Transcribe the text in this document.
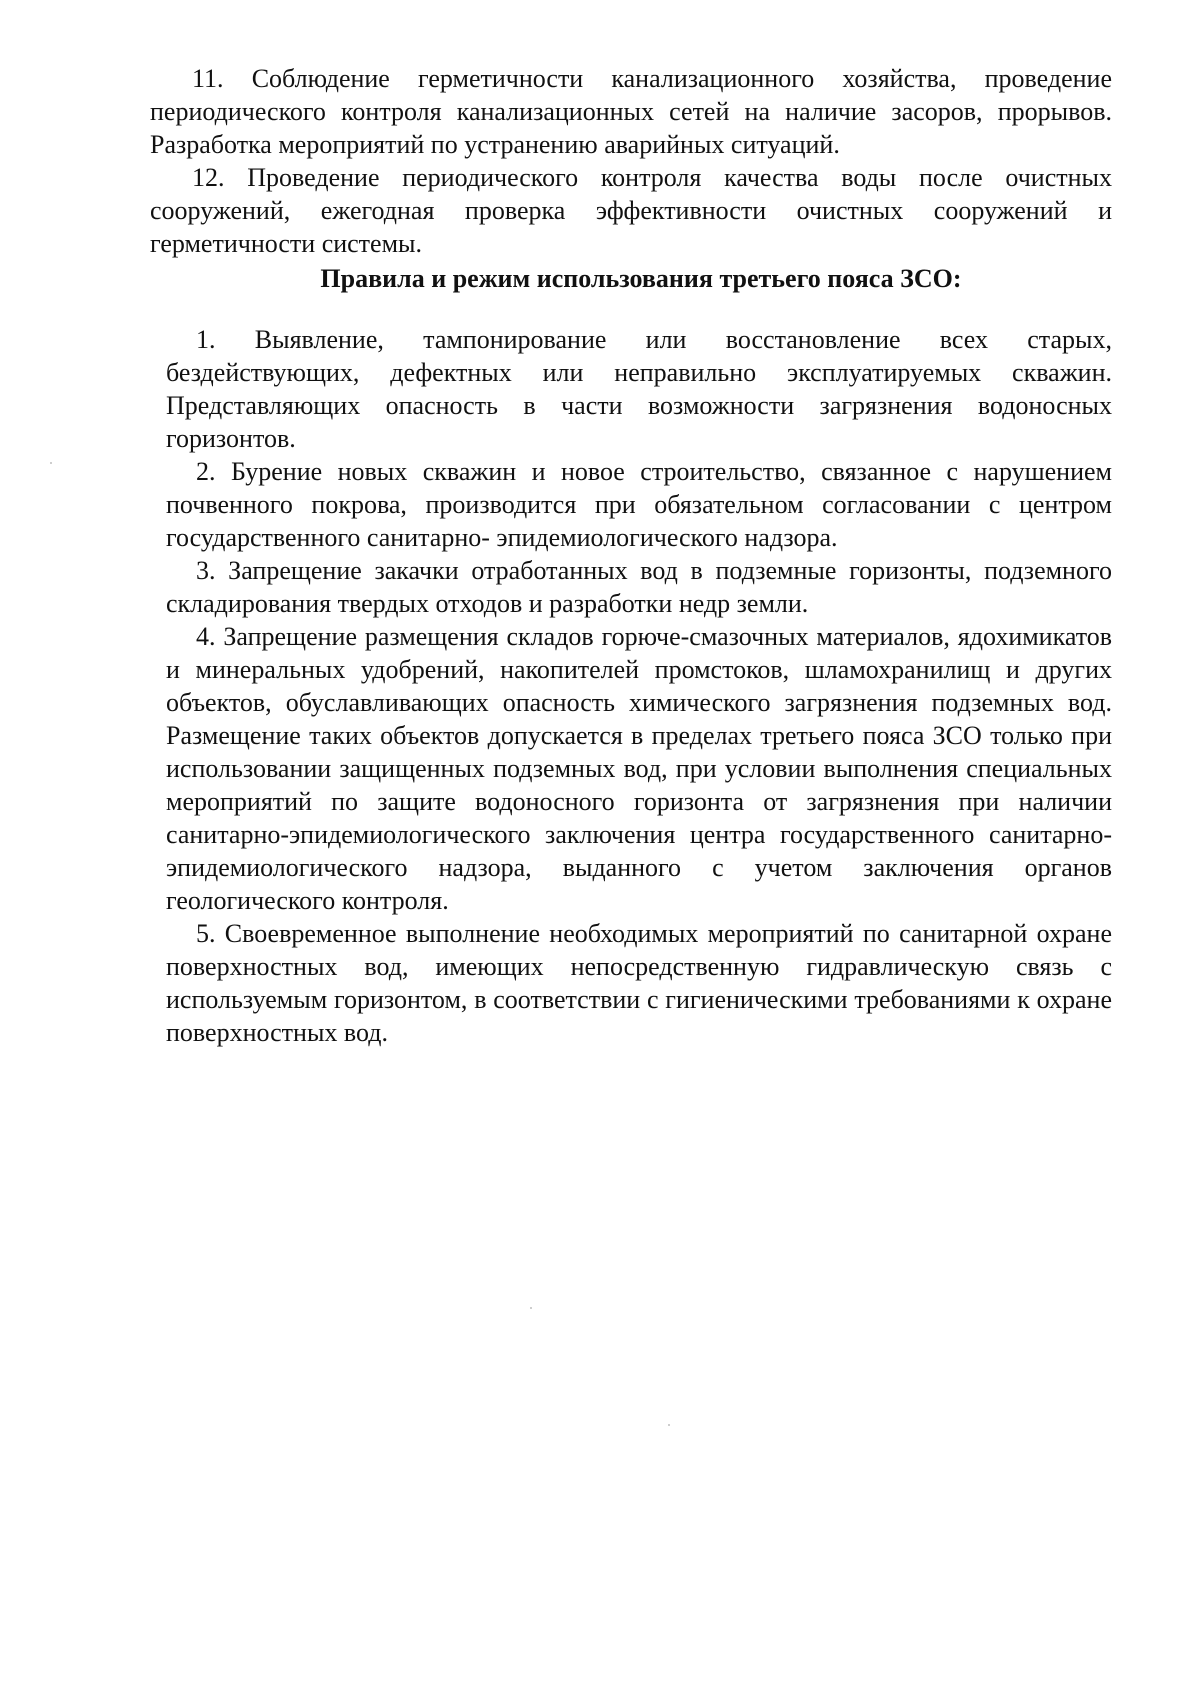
11. Соблюдение герметичности канализационного хозяйства, проведение периодического контроля канализационных сетей на наличие засоров, прорывов. Разработка мероприятий по устранению аварийных ситуаций.

12. Проведение периодического контроля качества воды после очистных сооружений, ежегодная проверка эффективности очистных сооружений и герметичности системы.

Правила и режим использования третьего пояса ЗСО:

1. Выявление, тампонирование или восстановление всех старых, бездействующих, дефектных или неправильно эксплуатируемых скважин. Представляющих опасность в части возможности загрязнения водоносных горизонтов.

2. Бурение новых скважин и новое строительство, связанное с нарушением почвенного покрова, производится при обязательном согласовании с центром государственного санитарно- эпидемиологического надзора.

3. Запрещение закачки отработанных вод в подземные горизонты, подземного складирования твердых отходов и разработки недр земли.

4. Запрещение размещения складов горюче-смазочных материалов, ядохимикатов и минеральных удобрений, накопителей промстоков, шламохранилищ и других объектов, обуславливающих опасность химического загрязнения подземных вод. Размещение таких объектов допускается в пределах третьего пояса ЗСО только при использовании защищенных подземных вод, при условии выполнения специальных мероприятий по защите водоносного горизонта от загрязнения при наличии санитарно-эпидемиологического заключения центра государственного санитарно-эпидемиологического надзора, выданного с учетом заключения органов геологического контроля.

5. Своевременное выполнение необходимых мероприятий по санитарной охране поверхностных вод, имеющих непосредственную гидравлическую связь с используемым горизонтом, в соответствии с гигиеническими требованиями к охране поверхностных вод.
